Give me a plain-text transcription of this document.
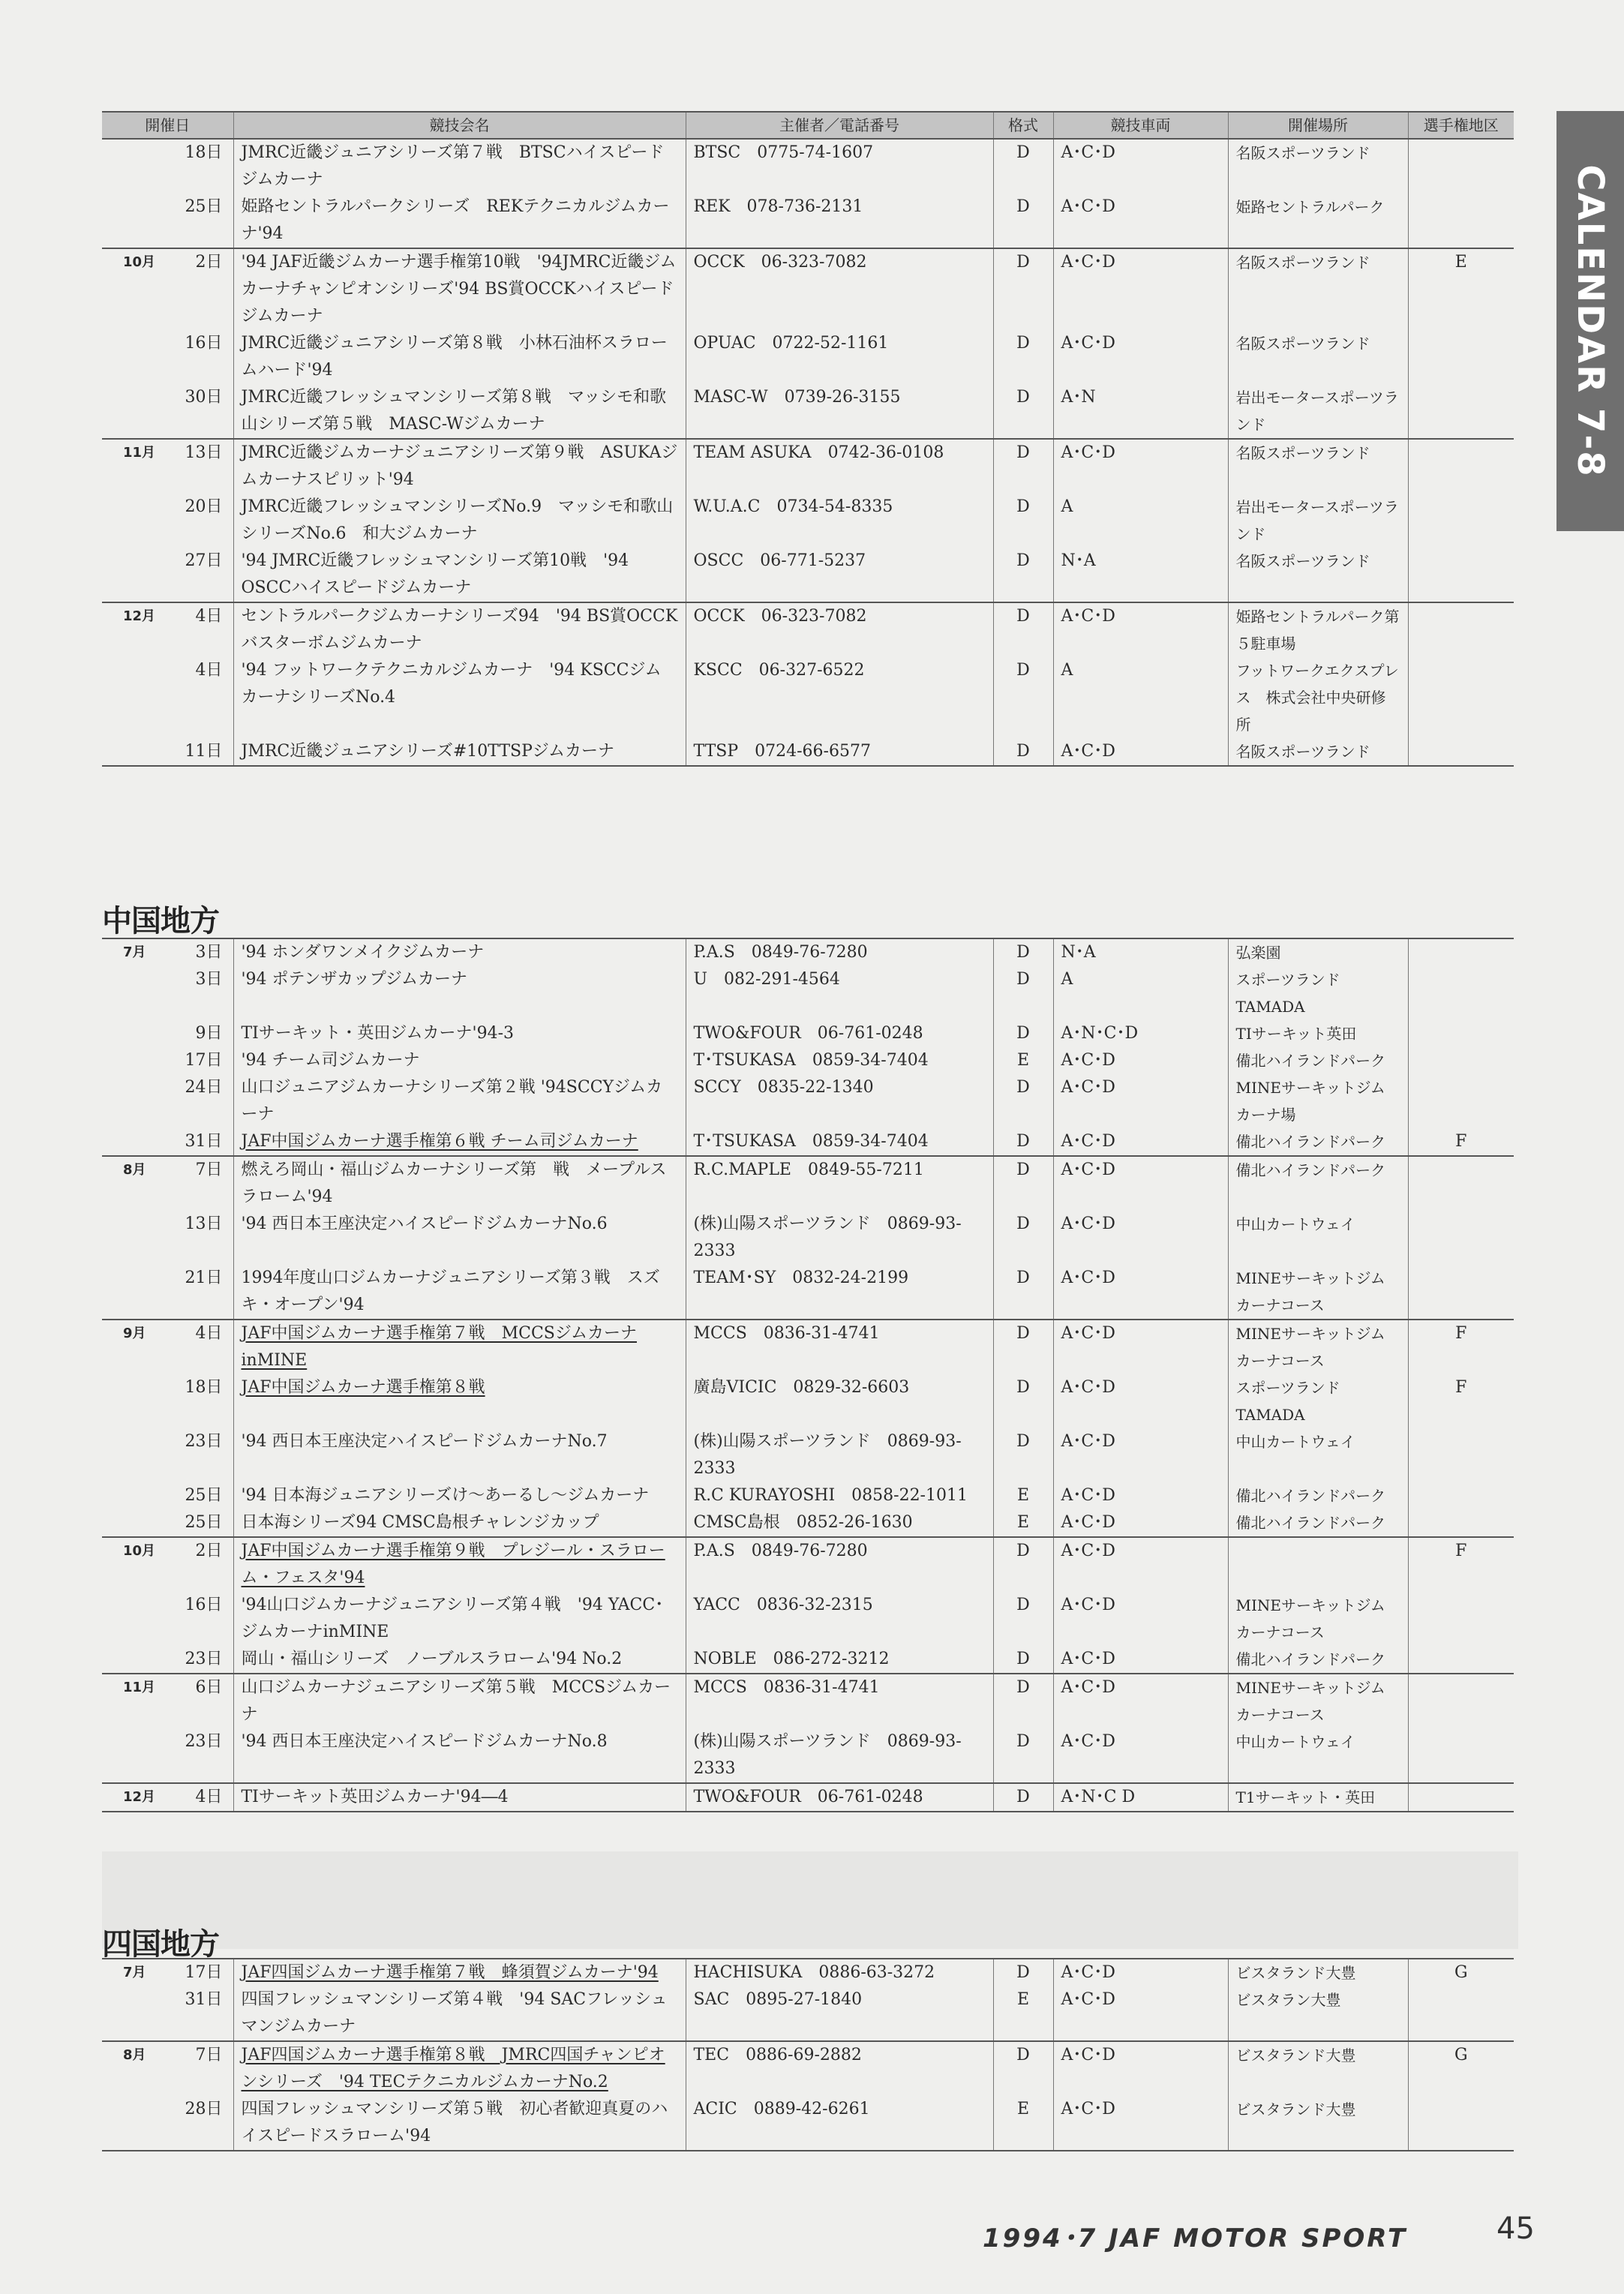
CALENDAR 7-8
開催日	競技会名	主催者／電話番号	格式	競技車両	開催場所	選手権地区

18日	JMRC近畿ジュニアシリーズ第７戦　BTSCハイスピードジムカーナ	BTSC　0775-74-1607	D	A･C･D	名阪スポーツランド	

25日	姫路セントラルパークシリーズ　REKテクニカルジムカーナ'94	REK　078-736-2131	D	A･C･D	姫路セントラルパーク	

10月 2日	'94 JAF近畿ジムカーナ選手権第10戦　'94JMRC近畿ジムカーナチャンピオンシリーズ'94 BS賞OCCKハイスピードジムカーナ	OCCK　06-323-7082	D	A･C･D	名阪スポーツランド	E

16日	JMRC近畿ジュニアシリーズ第８戦　小林石油杯スラロームハード'94	OPUAC　0722-52-1161	D	A･C･D	名阪スポーツランド	

30日	JMRC近畿フレッシュマンシリーズ第８戦　マッシモ和歌山シリーズ第５戦　MASC-Wジムカーナ	MASC-W　0739-26-3155	D	A･N	岩出モータースポーツランド	

11月 13日	JMRC近畿ジムカーナジュニアシリーズ第９戦　ASUKAジムカーナスピリット'94	TEAM ASUKA　0742-36-0108	D	A･C･D	名阪スポーツランド	

20日	JMRC近畿フレッシュマンシリーズNo.9　マッシモ和歌山シリーズNo.6　和大ジムカーナ	W.U.A.C　0734-54-8335	D	A	岩出モータースポーツランド	

27日	'94 JMRC近畿フレッシュマンシリーズ第10戦　'94 OSCCハイスピードジムカーナ	OSCC　06-771-5237	D	N･A	名阪スポーツランド	

12月 4日	セントラルパークジムカーナシリーズ94　'94 BS賞OCCKバスターボムジムカーナ	OCCK　06-323-7082	D	A･C･D	姫路セントラルパーク第５駐車場	

4日	'94 フットワークテクニカルジムカーナ　'94 KSCCジムカーナシリーズNo.4	KSCC　06-327-6522	D	A	フットワークエクスプレス　株式会社中央研修所	

11日	JMRC近畿ジュニアシリーズ#10TTSPジムカーナ	TTSP　0724-66-6577	D	A･C･D	名阪スポーツランド	
中国地方
7月 3日	'94 ホンダワンメイクジムカーナ	P.A.S　0849-76-7280	D	N･A	弘楽園	

3日	'94 ポテンザカップジムカーナ	U　082-291-4564	D	A	スポーツランドTAMADA	

9日	TIサーキット・英田ジムカーナ'94-3	TWO&FOUR　06-761-0248	D	A･N･C･D	TIサーキット英田	

17日	'94 チーム司ジムカーナ	T･TSUKASA　0859-34-7404	E	A･C･D	備北ハイランドパーク	

24日	山口ジュニアジムカーナシリーズ第２戦 '94SCCYジムカーナ	SCCY　0835-22-1340	D	A･C･D	MINEサーキットジムカーナ場	

31日	JAF中国ジムカーナ選手権第６戦 チーム司ジムカーナ	T･TSUKASA　0859-34-7404	D	A･C･D	備北ハイランドパーク	F

8月 7日	燃えろ岡山・福山ジムカーナシリーズ第　戦　メープルスラローム'94	R.C.MAPLE　0849-55-7211	D	A･C･D	備北ハイランドパーク	

13日	'94 西日本王座決定ハイスピードジムカーナNo.6	(株)山陽スポーツランド　0869-93-2333	D	A･C･D	中山カートウェイ	

21日	1994年度山口ジムカーナジュニアシリーズ第３戦　スズキ・オープン'94	TEAM･SY　0832-24-2199	D	A･C･D	MINEサーキットジムカーナコース	

9月 4日	JAF中国ジムカーナ選手権第７戦　MCCSジムカーナinMINE	MCCS　0836-31-4741	D	A･C･D	MINEサーキットジムカーナコース	F

18日	JAF中国ジムカーナ選手権第８戦	廣島VICIC　0829-32-6603	D	A･C･D	スポーツランドTAMADA	F

23日	'94 西日本王座決定ハイスピードジムカーナNo.7	(株)山陽スポーツランド　0869-93-2333	D	A･C･D	中山カートウェイ	

25日	'94 日本海ジュニアシリーズけ～あーるし～ジムカーナ	R.C KURAYOSHI　0858-22-1011	E	A･C･D	備北ハイランドパーク	

25日	日本海シリーズ94 CMSC島根チャレンジカップ	CMSC島根　0852-26-1630	E	A･C･D	備北ハイランドパーク	

10月 2日	JAF中国ジムカーナ選手権第９戦　プレジール・スラローム・フェスタ'94	P.A.S　0849-76-7280	D	A･C･D		F

16日	'94山口ジムカーナジュニアシリーズ第４戦　'94 YACC･ジムカーナinMINE	YACC　0836-32-2315	D	A･C･D	MINEサーキットジムカーナコース	

23日	岡山・福山シリーズ　ノーブルスラローム'94 No.2	NOBLE　086-272-3212	D	A･C･D	備北ハイランドパーク	

11月 6日	山口ジムカーナジュニアシリーズ第５戦　MCCSジムカーナ	MCCS　0836-31-4741	D	A･C･D	MINEサーキットジムカーナコース	

23日	'94 西日本王座決定ハイスピードジムカーナNo.8	(株)山陽スポーツランド　0869-93-2333	D	A･C･D	中山カートウェイ	

12月 4日	TIサーキット英田ジムカーナ'94―4	TWO&FOUR　06-761-0248	D	A･N･C D	T1サーキット・英田	
四国地方
7月 17日	JAF四国ジムカーナ選手権第７戦　蜂須賀ジムカーナ'94	HACHISUKA　0886-63-3272	D	A･C･D	ビスタランド大豊	G

31日	四国フレッシュマンシリーズ第４戦　'94 SACフレッシュマンジムカーナ	SAC　0895-27-1840	E	A･C･D	ビスタラン大豊	

8月 7日	JAF四国ジムカーナ選手権第８戦　JMRC四国チャンピオンシリーズ　'94 TECテクニカルジムカーナNo.2	TEC　0886-69-2882	D	A･C･D	ビスタランド大豊	G

28日	四国フレッシュマンシリーズ第５戦　初心者歓迎真夏のハイスピードスラローム'94	ACIC　0889-42-6261	E	A･C･D	ビスタランド大豊	
1994･7 JAF MOTOR SPORT	45
